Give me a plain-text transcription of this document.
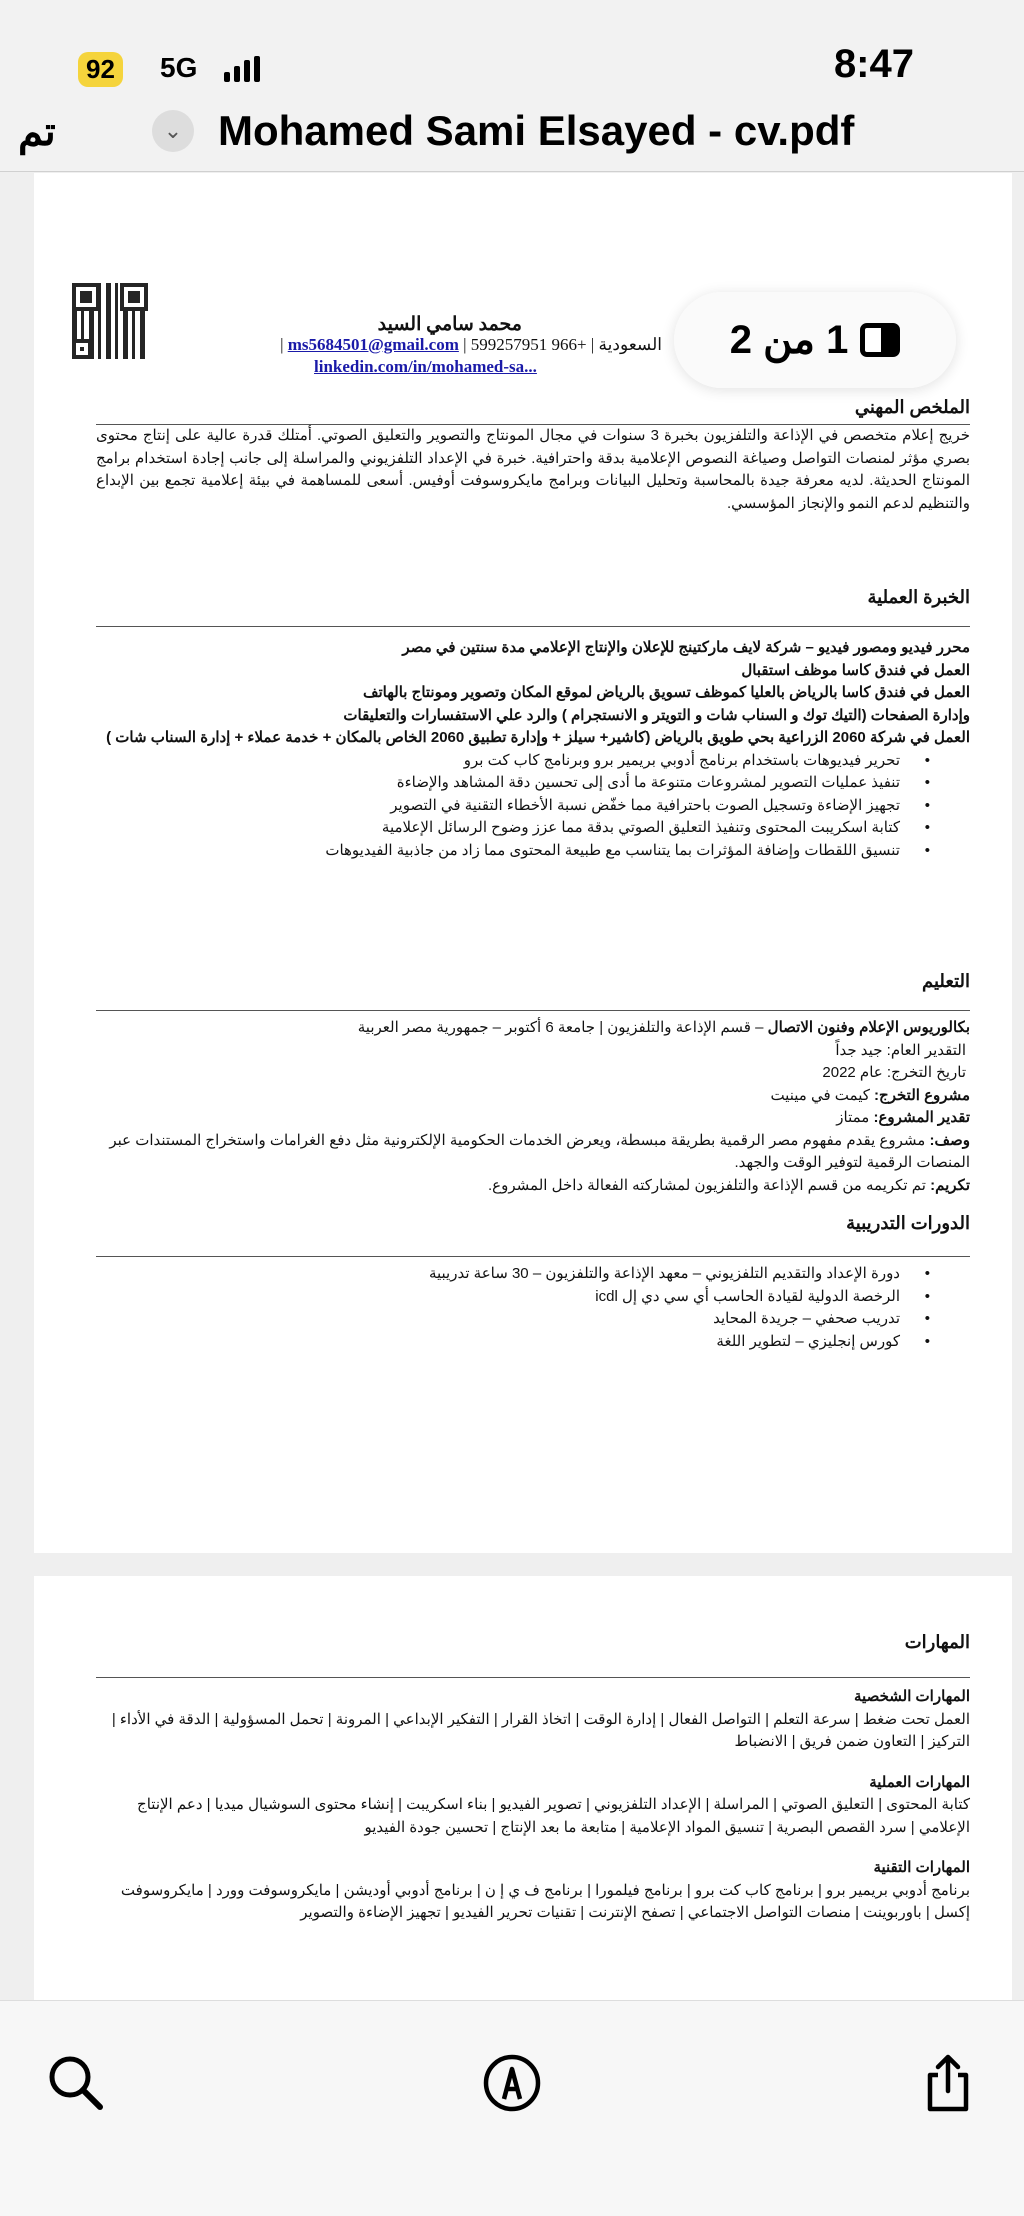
92 5G	8:47
تم	⌄ Mohamed Sami Elsayed - cv.pdf
محمد سامي السيد
السعودية | +966 599257951 | ms5684501@gmail.com |
linkedin.com/in/mohamed-sa...
الملخص المهني

خريج إعلام متخصص في الإذاعة والتلفزيون بخبرة 3 سنوات في مجال المونتاج والتصوير والتعليق الصوتي. أمتلك قدرة عالية على إنتاج محتوى بصري مؤثر لمنصات التواصل وصياغة النصوص الإعلامية بدقة واحترافية. خبرة في الإعداد التلفزيوني والمراسلة إلى جانب إجادة استخدام برامج المونتاج الحديثة. لديه معرفة جيدة بالمحاسبة وتحليل البيانات وبرامج مايكروسوفت أوفيس. أسعى للمساهمة في بيئة إعلامية تجمع بين الإبداع والتنظيم لدعم النمو والإنجاز المؤسسي.

الخبرة العملية

محرر فيديو ومصور فيديو – شركة لايف ماركتينج للإعلان والإنتاج الإعلامي مدة سنتين في مصر

العمل في فندق كاسا موظف استقبال

العمل في فندق كاسا بالرياض بالعليا كموظف تسويق بالرياض لموقع المكان وتصوير ومونتاج بالهاتف

وإدارة الصفحات (التيك توك و السناب شات و التويتر و الانستجرام ) والرد علي الاستفسارات والتعليقات

العمل في شركة 2060 الزراعية بحي طويق بالرياض (كاشير+ سيلز + وإدارة تطبيق 2060 الخاص بالمكان + خدمة عملاء + إدارة السناب شات )

• تحرير فيديوهات باستخدام برنامج أدوبي بريمير برو وبرنامج كاب كت برو
• تنفيذ عمليات التصوير لمشروعات متنوعة ما أدى إلى تحسين دقة المشاهد والإضاءة
• تجهيز الإضاءة وتسجيل الصوت باحترافية مما خفّض نسبة الأخطاء التقنية في التصوير
• كتابة اسكريبت المحتوى وتنفيذ التعليق الصوتي بدقة مما عزز وضوح الرسائل الإعلامية
• تنسيق اللقطات وإضافة المؤثرات بما يتناسب مع طبيعة المحتوى مما زاد من جاذبية الفيديوهات
التعليم

بكالوريوس الإعلام وفنون الاتصال – قسم الإذاعة والتلفزيون | جامعة 6 أكتوبر – جمهورية مصر العربية

التقدير العام: جيد جداً

تاريخ التخرج: عام 2022

مشروع التخرج: كيمت في مينيت

تقدير المشروع: ممتاز

وصف: مشروع يقدم مفهوم مصر الرقمية بطريقة مبسطة، ويعرض الخدمات الحكومية الإلكترونية مثل دفع الغرامات واستخراج المستندات عبر المنصات الرقمية لتوفير الوقت والجهد.

تكريم: تم تكريمه من قسم الإذاعة والتلفزيون لمشاركته الفعالة داخل المشروع.

الدورات التدريبية
• دورة الإعداد والتقديم التلفزيوني – معهد الإذاعة والتلفزيون – 30 ساعة تدريبية
• الرخصة الدولية لقيادة الحاسب أي سي دي إل icdl
• تدريب صحفي – جريدة المحايد
• كورس إنجليزي – لتطوير اللغة
1 من 2
المهارات

المهارات الشخصية

العمل تحت ضغط | سرعة التعلم | التواصل الفعال | إدارة الوقت | اتخاذ القرار | التفكير الإبداعي | المرونة | تحمل المسؤولية | الدقة في الأداء | التركيز | التعاون ضمن فريق | الانضباط

المهارات العملية

كتابة المحتوى | التعليق الصوتي | المراسلة | الإعداد التلفزيوني | تصوير الفيديو | بناء اسكريبت | إنشاء محتوى السوشيال ميديا | دعم الإنتاج الإعلامي | سرد القصص البصرية | تنسيق المواد الإعلامية | متابعة ما بعد الإنتاج | تحسين جودة الفيديو

المهارات التقنية

برنامج أدوبي بريمير برو | برنامج كاب كت برو | برنامج فيلمورا | برنامج ف ي إ ن | برنامج أدوبي أوديشن | مايكروسوفت وورد | مايكروسوفت إكسل | باوربوينت | منصات التواصل الاجتماعي | تصفح الإنترنت | تقنيات تحرير الفيديو | تجهيز الإضاءة والتصوير
